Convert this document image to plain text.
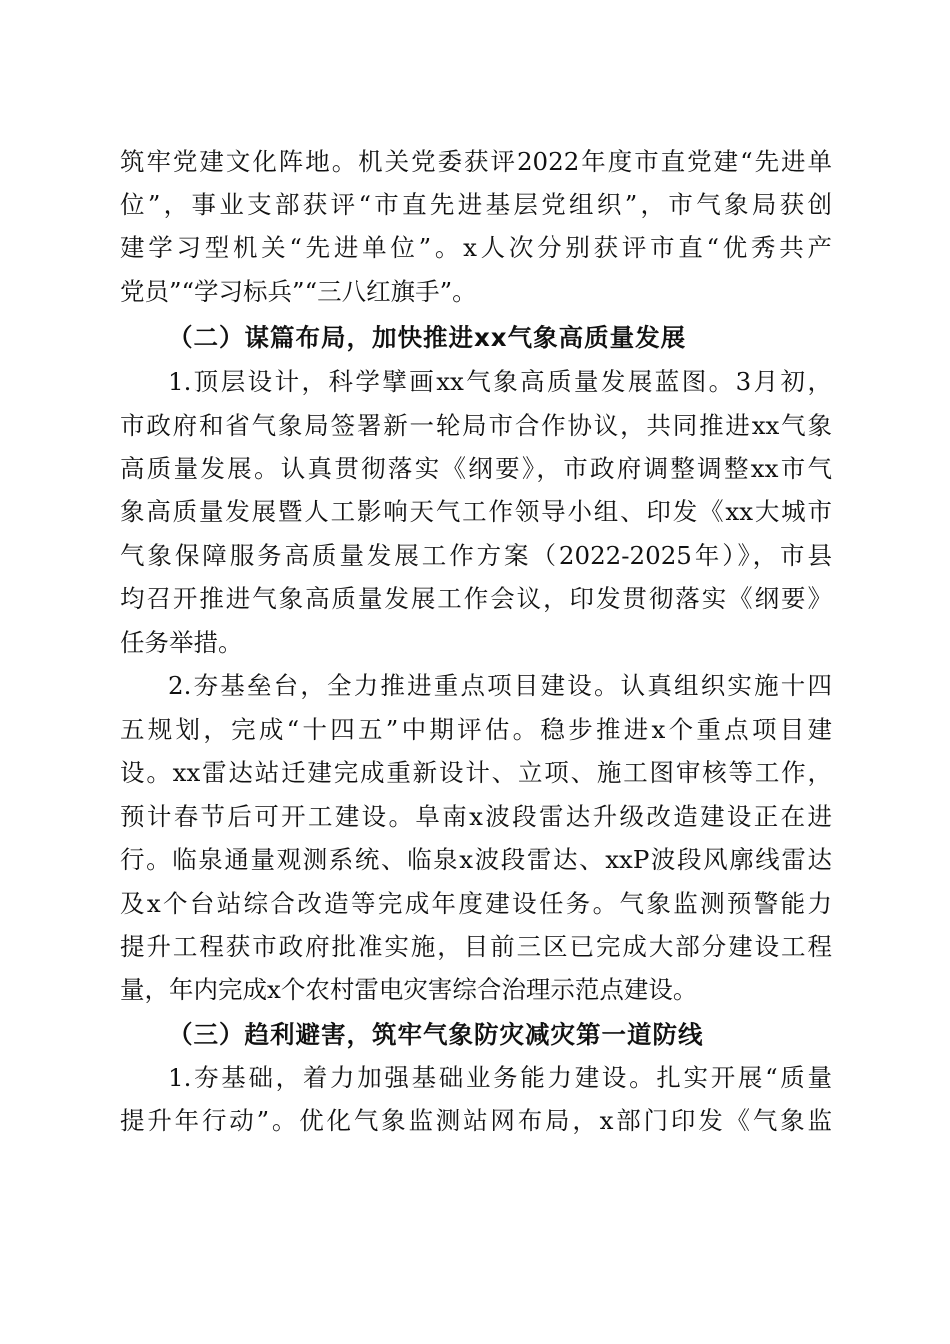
筑牢党建文化阵地。机关党委获评2022年度市直党建“先进单
位”，事业支部获评“市直先进基层党组织”，市气象局获创
建学习型机关“先进单位”。x人次分别获评市直“优秀共产
党员”“学习标兵”“三八红旗手”。
（二）谋篇布局，加快推进xx气象高质量发展
1.顶层设计，科学擘画xx气象高质量发展蓝图。3月初，
市政府和省气象局签署新一轮局市合作协议，共同推进xx气象
高质量发展。认真贯彻落实《纲要》，市政府调整调整xx市气
象高质量发展暨人工影响天气工作领导小组、印发《xx大城市
气象保障服务高质量发展工作方案（2022-2025年）》，市县
均召开推进气象高质量发展工作会议，印发贯彻落实《纲要》
任务举措。
2.夯基垒台，全力推进重点项目建设。认真组织实施十四
五规划，完成“十四五”中期评估。稳步推进x个重点项目建
设。xx雷达站迁建完成重新设计、立项、施工图审核等工作，
预计春节后可开工建设。阜南x波段雷达升级改造建设正在进
行。临泉通量观测系统、临泉x波段雷达、xxP波段风廓线雷达
及x个台站综合改造等完成年度建设任务。气象监测预警能力
提升工程获市政府批准实施，目前三区已完成大部分建设工程
量，年内完成x个农村雷电灾害综合治理示范点建设。
（三）趋利避害，筑牢气象防灾减灾第一道防线
1.夯基础，着力加强基础业务能力建设。扎实开展“质量
提升年行动”。优化气象监测站网布局，x部门印发《气象监
